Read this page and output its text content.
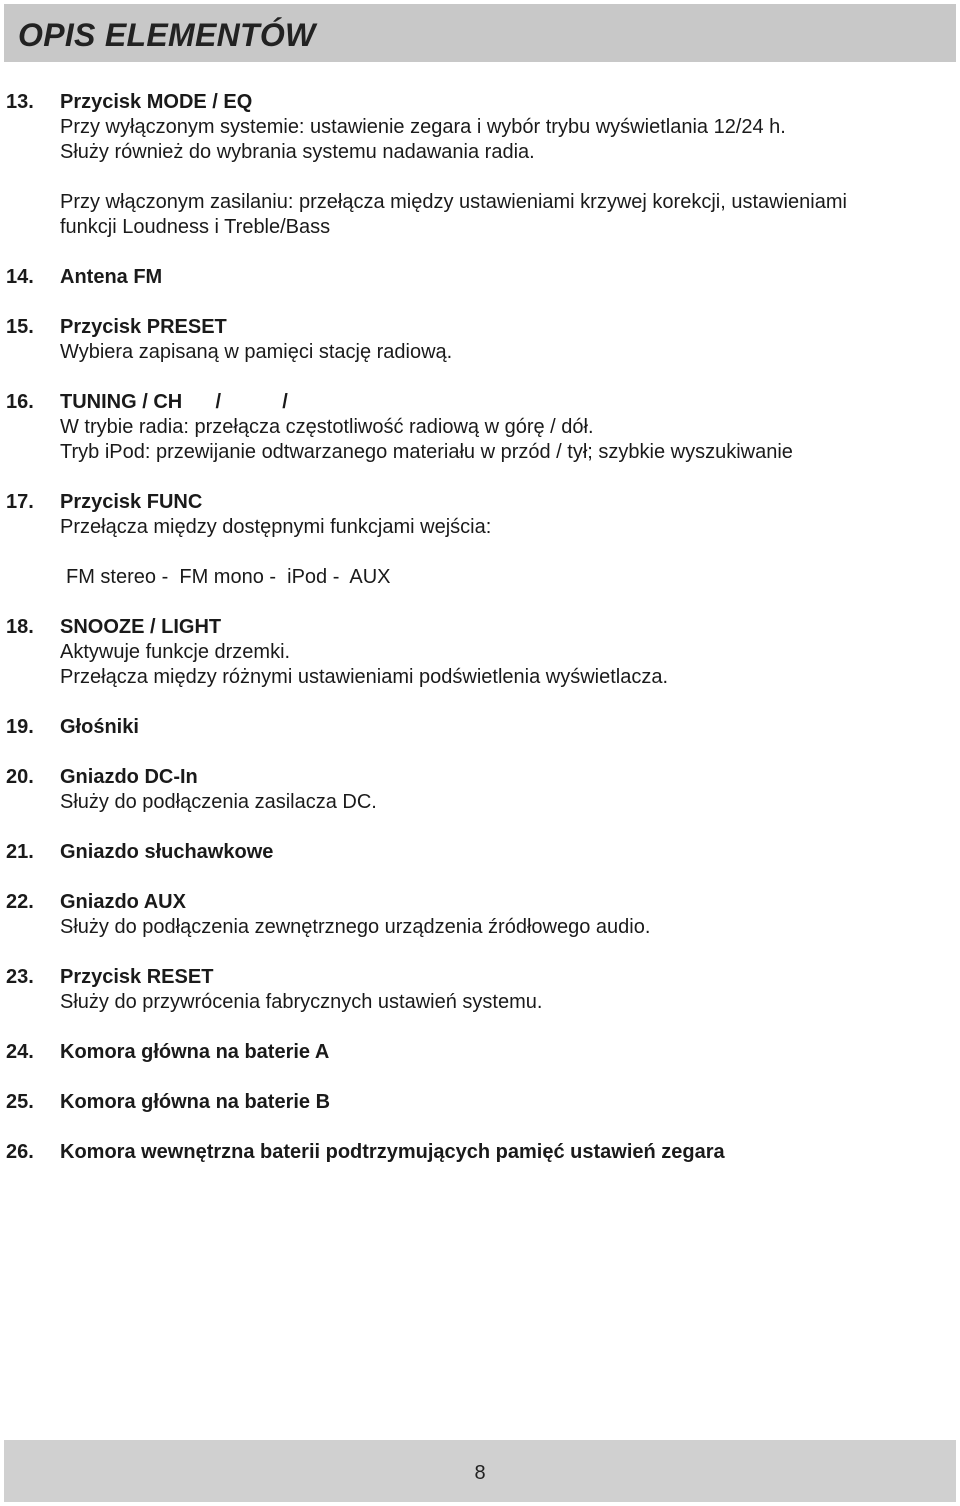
OPIS ELEMENTÓW
13. Przycisk MODE / EQ
Przy wyłączonym systemie: ustawienie zegara i wybór trybu wyświetlania 12/24 h.
Służy również do wybrania systemu nadawania radia.
Przy włączonym zasilaniu: przełącza między ustawieniami krzywej korekcji, ustawieniami
funkcji Loudness i Treble/Bass
14. Antena FM
15. Przycisk PRESET
Wybiera zapisaną w pamięci stację radiową.
16. TUNING / CH      /           /
W trybie radia: przełącza częstotliwość radiową w górę / dół.
Tryb iPod: przewijanie odtwarzanego materiału w przód / tył; szybkie wyszukiwanie
17. Przycisk FUNC
Przełącza między dostępnymi funkcjami wejścia:
FM stereo -  FM mono -  iPod -  AUX
18. SNOOZE / LIGHT
Aktywuje funkcje drzemki.
Przełącza między różnymi ustawieniami podświetlenia wyświetlacza.
19. Głośniki
20. Gniazdo DC-In
Służy do podłączenia zasilacza DC.
21. Gniazdo słuchawkowe
22. Gniazdo AUX
Służy do podłączenia zewnętrznego urządzenia źródłowego audio.
23. Przycisk RESET
Służy do przywrócenia fabrycznych ustawień systemu.
24. Komora główna na baterie A
25. Komora główna na baterie B
26. Komora wewnętrzna baterii podtrzymujących pamięć ustawień zegara
8
